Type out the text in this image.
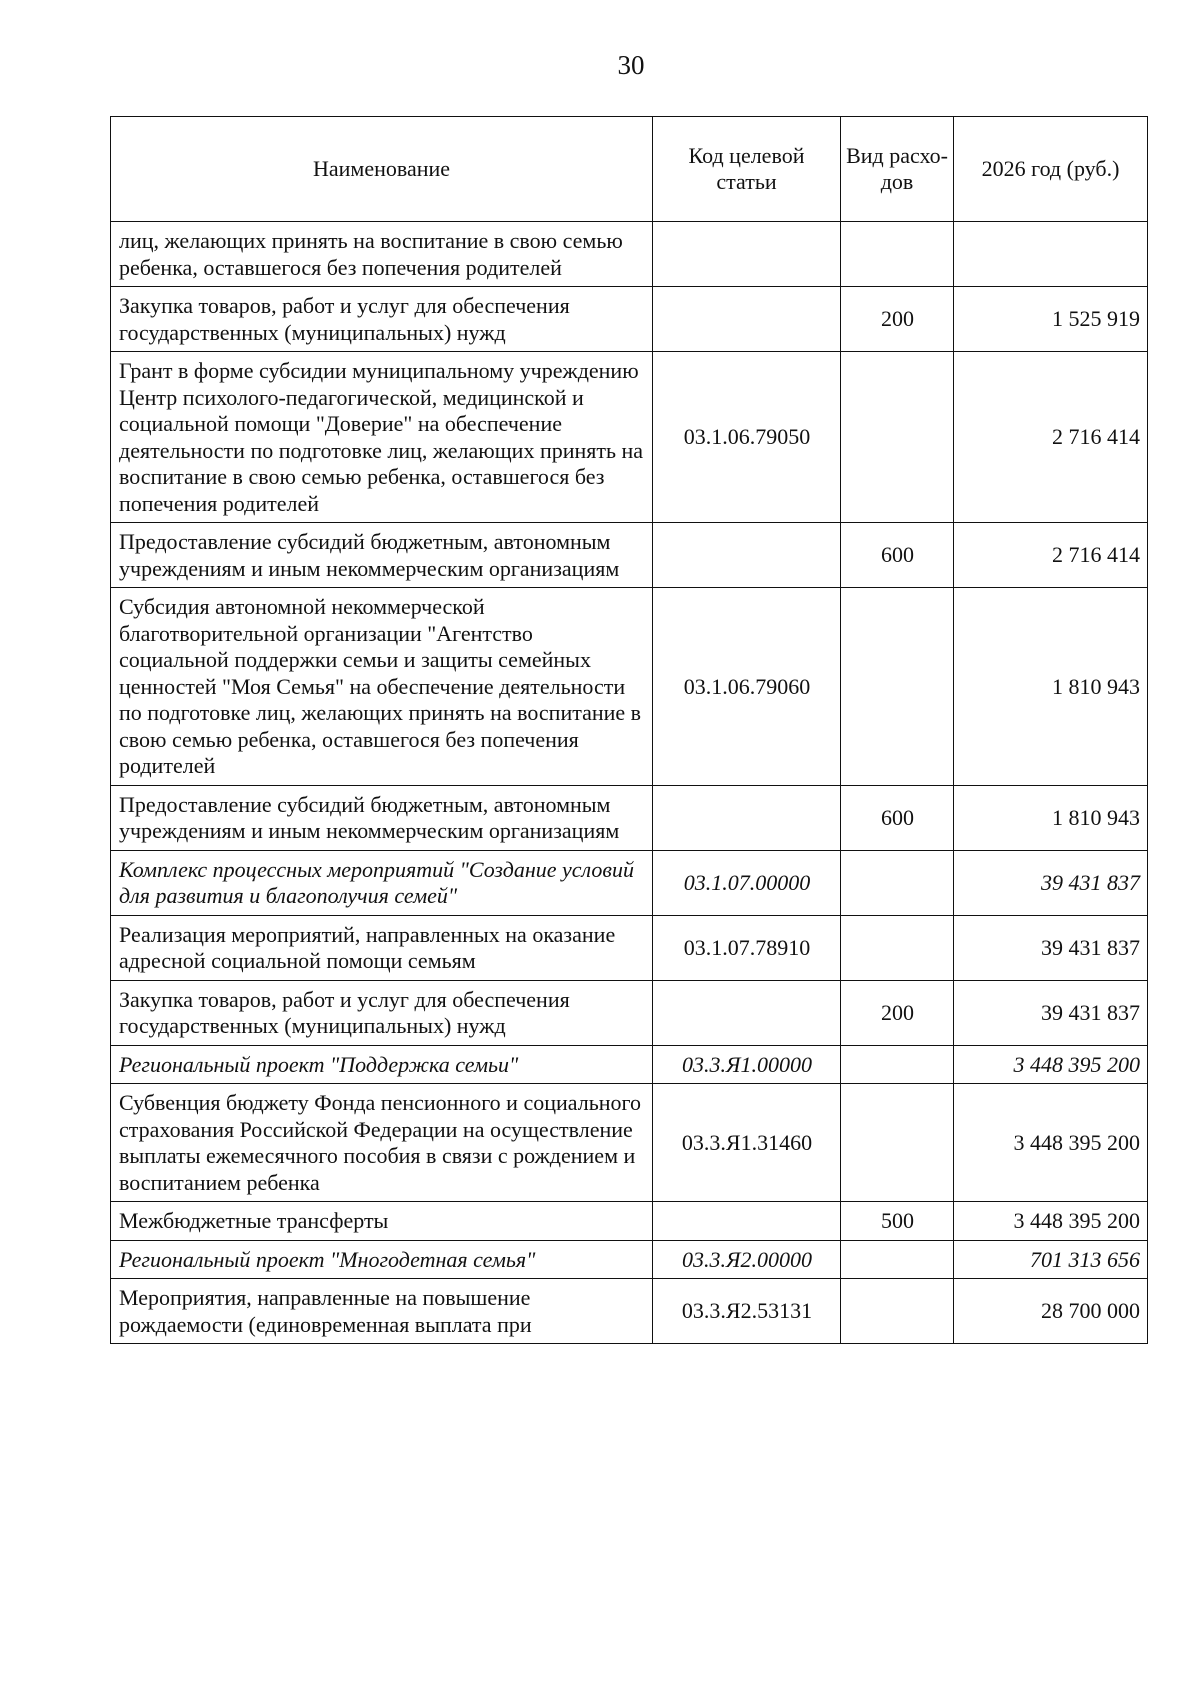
30
Наименование	Код целевой статьи	Вид расхо-дов	2026 год (руб.)
лиц, желающих принять на воспитание в свою семью ребенка, оставшегося без попечения родителей			
Закупка товаров, работ и услуг для обеспечения государственных (муниципальных) нужд		200	1 525 919
Грант в форме субсидии муниципальному учреждению Центр психолого-педагогической, медицинской и социальной помощи "Доверие" на обеспечение деятельности по подготовке лиц, желающих принять на воспитание в свою семью ребенка, оставшегося без попечения родителей	03.1.06.79050		2 716 414
Предоставление субсидий бюджетным, автономным учреждениям и иным некоммерческим организациям		600	2 716 414
Субсидия автономной некоммерческой благотворительной организации "Агентство социальной поддержки семьи и защиты семейных ценностей "Моя Семья" на обеспечение деятельности по подготовке лиц, желающих принять на воспитание в свою семью ребенка, оставшегося без попечения родителей	03.1.06.79060		1 810 943
Предоставление субсидий бюджетным, автономным учреждениям и иным некоммерческим организациям		600	1 810 943
Комплекс процессных мероприятий "Создание условий для развития и благополучия семей"	03.1.07.00000		39 431 837
Реализация мероприятий, направленных на оказание адресной социальной помощи семьям	03.1.07.78910		39 431 837
Закупка товаров, работ и услуг для обеспечения государственных (муниципальных) нужд		200	39 431 837
Региональный проект "Поддержка семьи"	03.3.Я1.00000		3 448 395 200
Субвенция бюджету Фонда пенсионного и социального страхования Российской Федерации на осуществление выплаты ежемесячного пособия в связи с рождением и воспитанием ребенка	03.3.Я1.31460		3 448 395 200
Межбюджетные трансферты		500	3 448 395 200
Региональный проект "Многодетная семья"	03.3.Я2.00000		701 313 656
Мероприятия, направленные на повышение рождаемости (единовременная выплата при	03.3.Я2.53131		28 700 000
